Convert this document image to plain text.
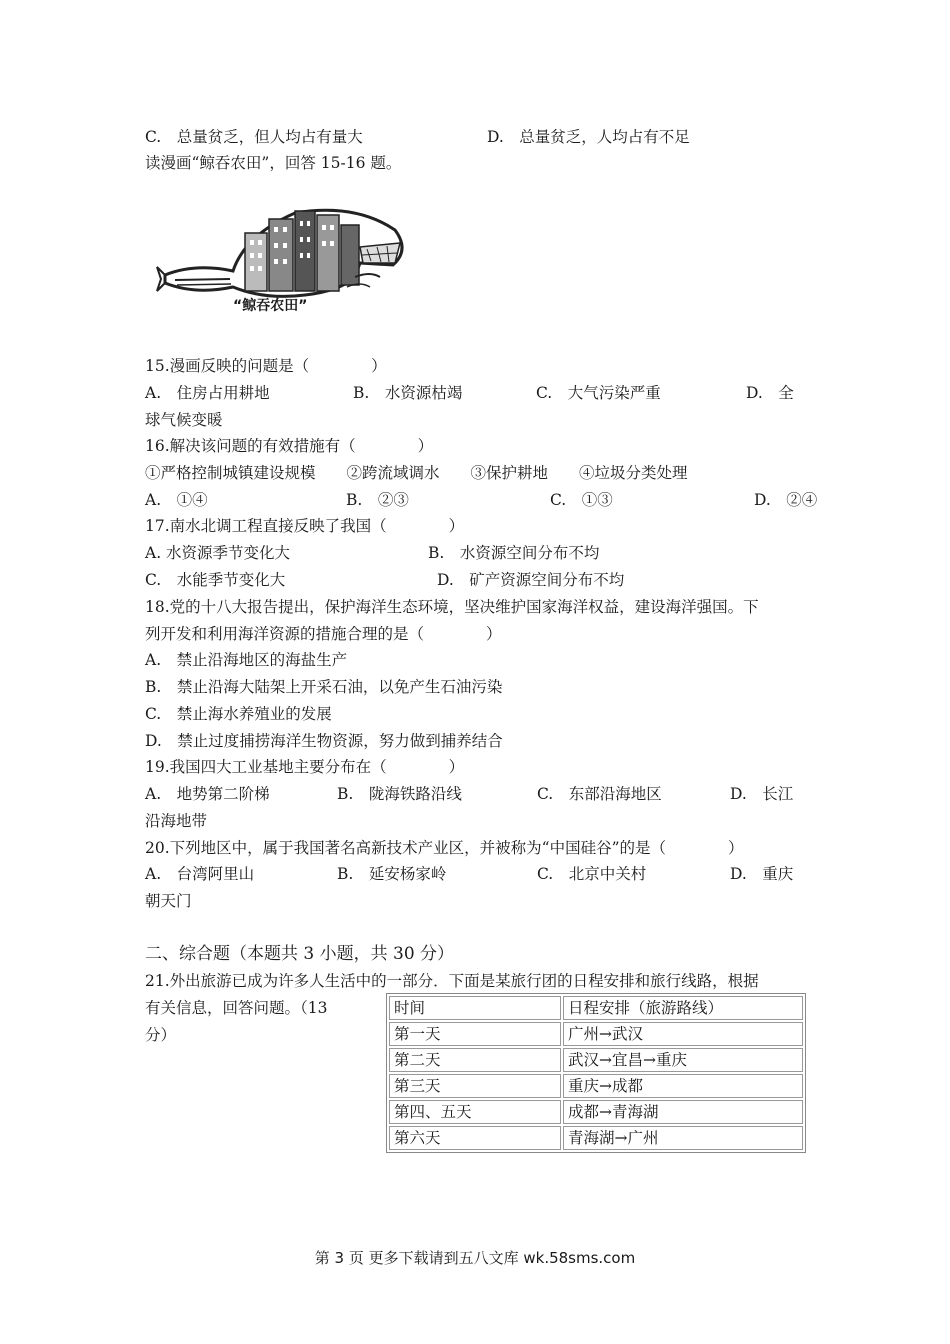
C.　总量贫乏，但人均占有量大	D.　总量贫乏，人均占有不足
读漫画“鲸吞农田”，回答 15-16 题。
“鲸吞农田”
15.漫画反映的问题是（　　　　）
A.　住房占用耕地	B.　水资源枯竭	C.　大气污染严重	D.　全
球气候变暖
16.解决该问题的有效措施有（　　　　）
①严格控制城镇建设规模　　②跨流域调水　　③保护耕地　　④垃圾分类处理
A.　①④	B.　②③	C.　①③	D.　②④
17.南水北调工程直接反映了我国（　　　　）
A. 水资源季节变化大	B.　水资源空间分布不均
C.　水能季节变化大	D.　矿产资源空间分布不均
18.党的十八大报告提出，保护海洋生态环境，坚决维护国家海洋权益，建设海洋强国。下
列开发和利用海洋资源的措施合理的是（　　　　）
A.　禁止沿海地区的海盐生产
B.　禁止沿海大陆架上开采石油，以免产生石油污染
C.　禁止海水养殖业的发展
D.　禁止过度捕捞海洋生物资源，努力做到捕养结合
19.我国四大工业基地主要分布在（　　　　）
A.　地势第二阶梯	B.　陇海铁路沿线	C.　东部沿海地区	D.　长江
沿海地带
20.下列地区中，属于我国著名高新技术产业区，并被称为“中国硅谷”的是（　　　　）
A.　台湾阿里山	B.　延安杨家岭	C.　北京中关村	D.　重庆
朝天门
二、综合题（本题共 3 小题，共 30 分）
21.外出旅游已成为许多人生活中的一部分．下面是某旅行团的日程安排和旅行线路，根据
有关信息，回答问题。（13
分）
时间	日程安排（旅游路线）
第一天	广州→武汉
第二天	武汉→宜昌→重庆
第三天	重庆→成都
第四、五天	成都→青海湖
第六天	青海湖→广州
第 3 页 更多下载请到五八文库 wk.58sms.com
